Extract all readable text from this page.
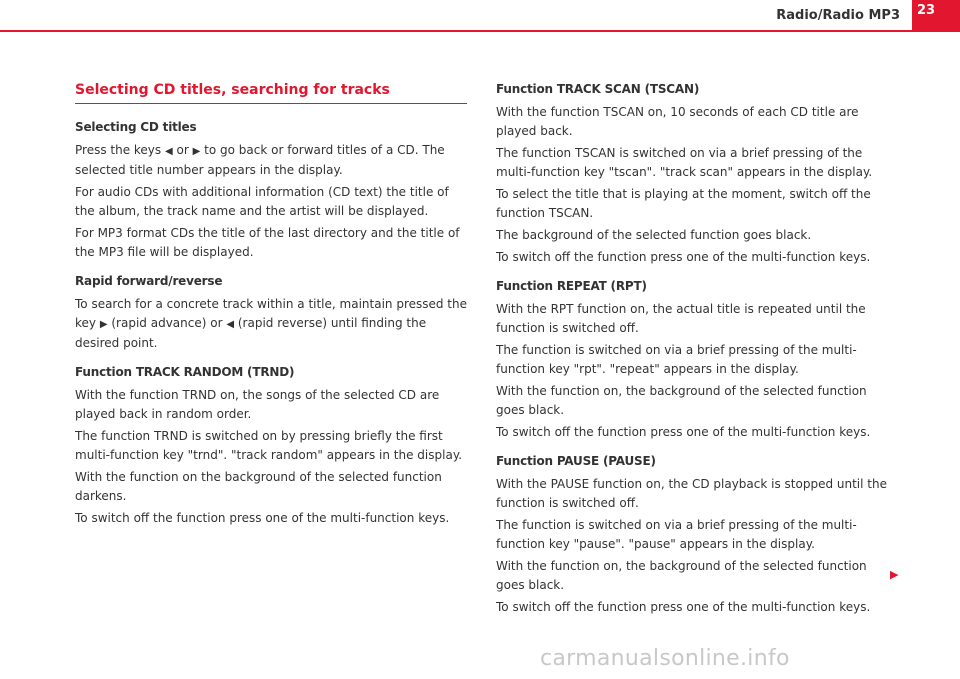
Radio/Radio MP3	23
Selecting CD titles, searching for tracks
Selecting CD titles

Press the keys ◀ or ▶ to go back or forward titles of a CD. The selected title number appears in the display.

For audio CDs with additional information (CD text) the title of the album, the track name and the artist will be displayed.

For MP3 format CDs the title of the last directory and the title of the MP3 file will be displayed.

Rapid forward/reverse

To search for a concrete track within a title, maintain pressed the key ▶ (rapid advance) or ◀ (rapid reverse) until finding the desired point.

Function TRACK RANDOM (TRND)

With the function TRND on, the songs of the selected CD are played back in random order.

The function TRND is switched on by pressing briefly the first multi-function key "trnd". "track random" appears in the display.

With the function on the background of the selected function darkens.

To switch off the function press one of the multi-function keys.

Function TRACK SCAN (TSCAN)

With the function TSCAN on, 10 seconds of each CD title are played back.

The function TSCAN is switched on via a brief pressing of the multi-function key "tscan". "track scan" appears in the display.

To select the title that is playing at the moment, switch off the function TSCAN.

The background of the selected function goes black.

To switch off the function press one of the multi-function keys.

Function REPEAT (RPT)

With the RPT function on, the actual title is repeated until the function is switched off.

The function is switched on via a brief pressing of the multi-function key "rpt". "repeat" appears in the display.

With the function on, the background of the selected function goes black.

To switch off the function press one of the multi-function keys.

Function PAUSE (PAUSE)

With the PAUSE function on, the CD playback is stopped until the function is switched off.

The function is switched on via a brief pressing of the multi-function key "pause". "pause" appears in the display.

With the function on, the background of the selected function goes black.

To switch off the function press one of the multi-function keys.

▶
carmanualsonline.info
